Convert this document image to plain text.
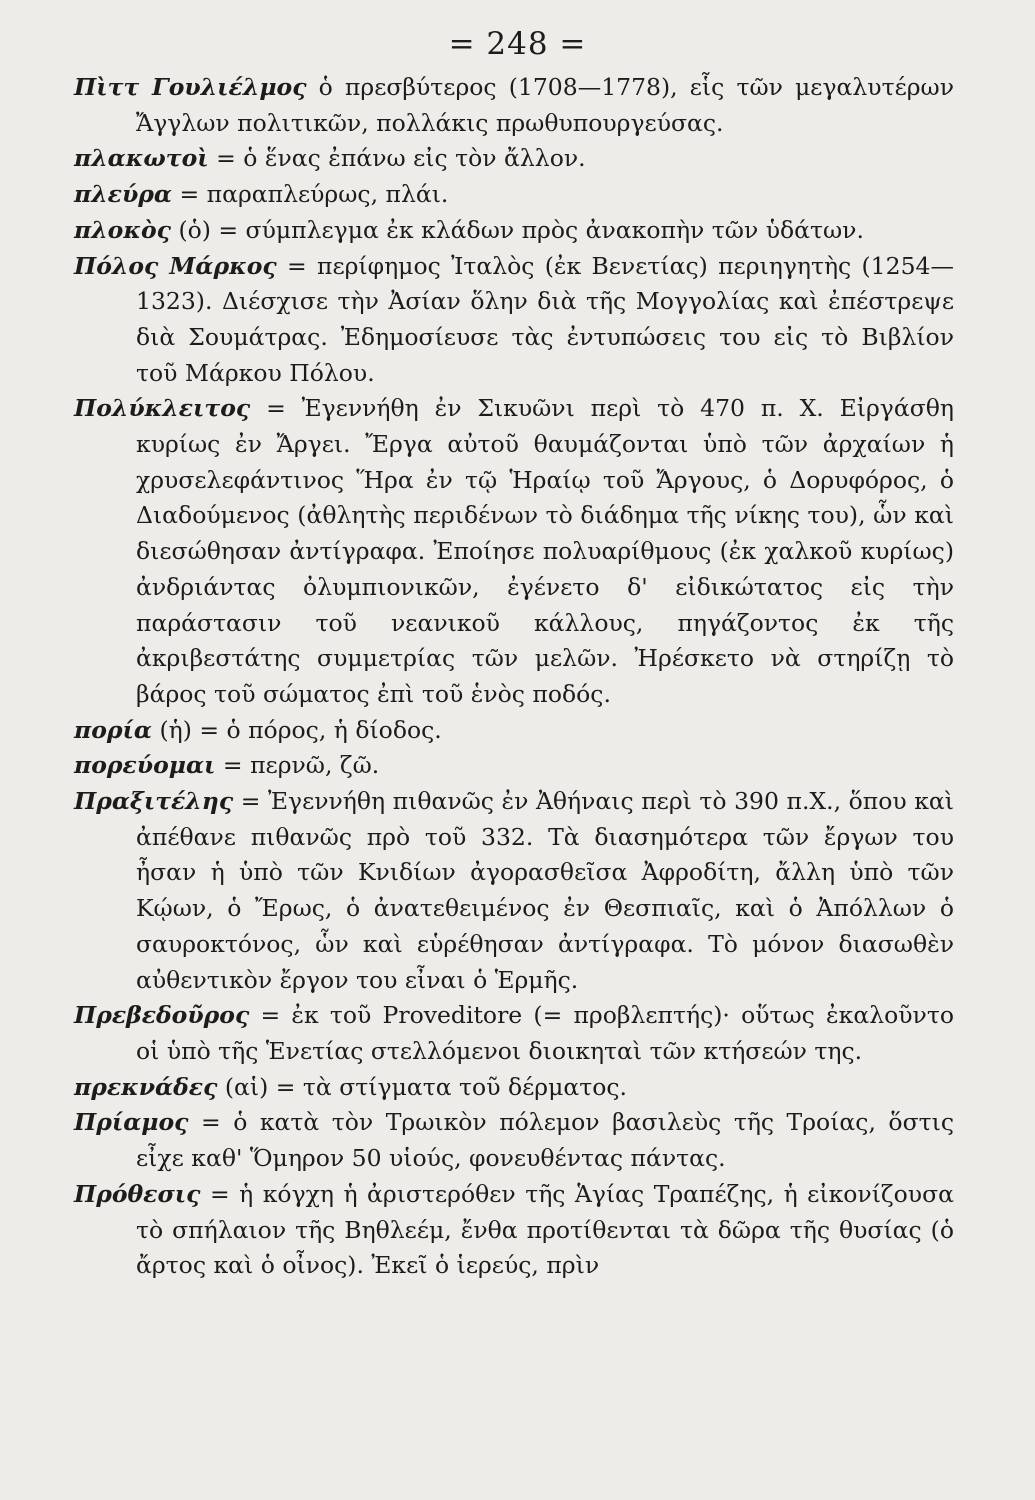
= 248 =

Πὶττ Γουλιέλμος ὁ πρεσβύτερος (1708—1778), εἷς τῶν μεγαλυτέρων Ἄγγλων πολιτικῶν, πολλάκις πρωθυπουργεύσας.

πλακωτοὶ = ὁ ἕνας ἐπάνω εἰς τὸν ἄλλον.

πλεύρα = παραπλεύρως, πλάι.

πλοκὸς (ὁ) = σύμπλεγμα ἐκ κλάδων πρὸς ἀνακοπὴν τῶν ὑδάτων.

Πόλος Μάρκος = περίφημος Ἰταλὸς (ἐκ Βενετίας) περιηγητὴς (1254—1323). Διέσχισε τὴν Ἀσίαν ὅλην διὰ τῆς Μογγολίας καὶ ἐπέστρεψε διὰ Σουμάτρας. Ἐδημοσίευσε τὰς ἐντυπώσεις του εἰς τὸ Βιβλίον τοῦ Μάρκου Πόλου.

Πολύκλειτος = Ἐγεννήθη ἐν Σικυῶνι περὶ τὸ 470 π. Χ. Εἰργάσθη κυρίως ἐν Ἄργει. Ἔργα αὐτοῦ θαυμάζονται ὑπὸ τῶν ἀρχαίων ἡ χρυσελεφάντινος Ἥρα ἐν τῷ Ἡραίῳ τοῦ Ἄργους, ὁ Δορυφόρος, ὁ Διαδούμενος (ἀθλητὴς περιδένων τὸ διάδημα τῆς νίκης του), ὧν καὶ διεσώθησαν ἀντίγραφα. Ἐποίησε πολυαρίθμους (ἐκ χαλκοῦ κυρίως) ἀνδριάντας ὀλυμπιονικῶν, ἐγένετο δ' εἰδικώτατος εἰς τὴν παράστασιν τοῦ νεανικοῦ κάλλους, πηγάζοντος ἐκ τῆς ἀκριβεστάτης συμμετρίας τῶν μελῶν. Ἠρέσκετο νὰ στηρίζῃ τὸ βάρος τοῦ σώματος ἐπὶ τοῦ ἑνὸς ποδός.

πορία (ἡ) = ὁ πόρος, ἡ δίοδος.

πορεύομαι = περνῶ, ζῶ.

Πραξιτέλης = Ἐγεννήθη πιθανῶς ἐν Ἀθήναις περὶ τὸ 390 π.Χ., ὅπου καὶ ἀπέθανε πιθανῶς πρὸ τοῦ 332. Τὰ διασημότερα τῶν ἔργων του ἦσαν ἡ ὑπὸ τῶν Κνιδίων ἀγορασθεῖσα Ἀφροδίτη, ἄλλη ὑπὸ τῶν Κῴων, ὁ Ἔρως, ὁ ἀνατεθειμένος ἐν Θεσπιαῖς, καὶ ὁ Ἀπόλλων ὁ σαυροκτόνος, ὧν καὶ εὑρέθησαν ἀντίγραφα. Τὸ μόνον διασωθὲν αὐθεντικὸν ἔργον του εἶναι ὁ Ἑρμῆς.

Πρεβεδοῦρος = ἐκ τοῦ Proveditore (= προβλεπτής)· οὕτως ἐκαλοῦντο οἱ ὑπὸ τῆς Ἑνετίας στελλόμενοι διοικηταὶ τῶν κτήσεών της.

πρεκνάδες (αἱ) = τὰ στίγματα τοῦ δέρματος.

Πρίαμος = ὁ κατὰ τὸν Τρωικὸν πόλεμον βασιλεὺς τῆς Τροίας, ὅστις εἶχε καθ' Ὅμηρον 50 υἱούς, φονευθέντας πάντας.

Πρόθεσις = ἡ κόγχη ἡ ἀριστερόθεν τῆς Ἁγίας Τραπέζης, ἡ εἰκονίζουσα τὸ σπήλαιον τῆς Βηθλεέμ, ἔνθα προτίθενται τὰ δῶρα τῆς θυσίας (ὁ ἄρτος καὶ ὁ οἶνος). Ἐκεῖ ὁ ἱερεύς, πρὶν
